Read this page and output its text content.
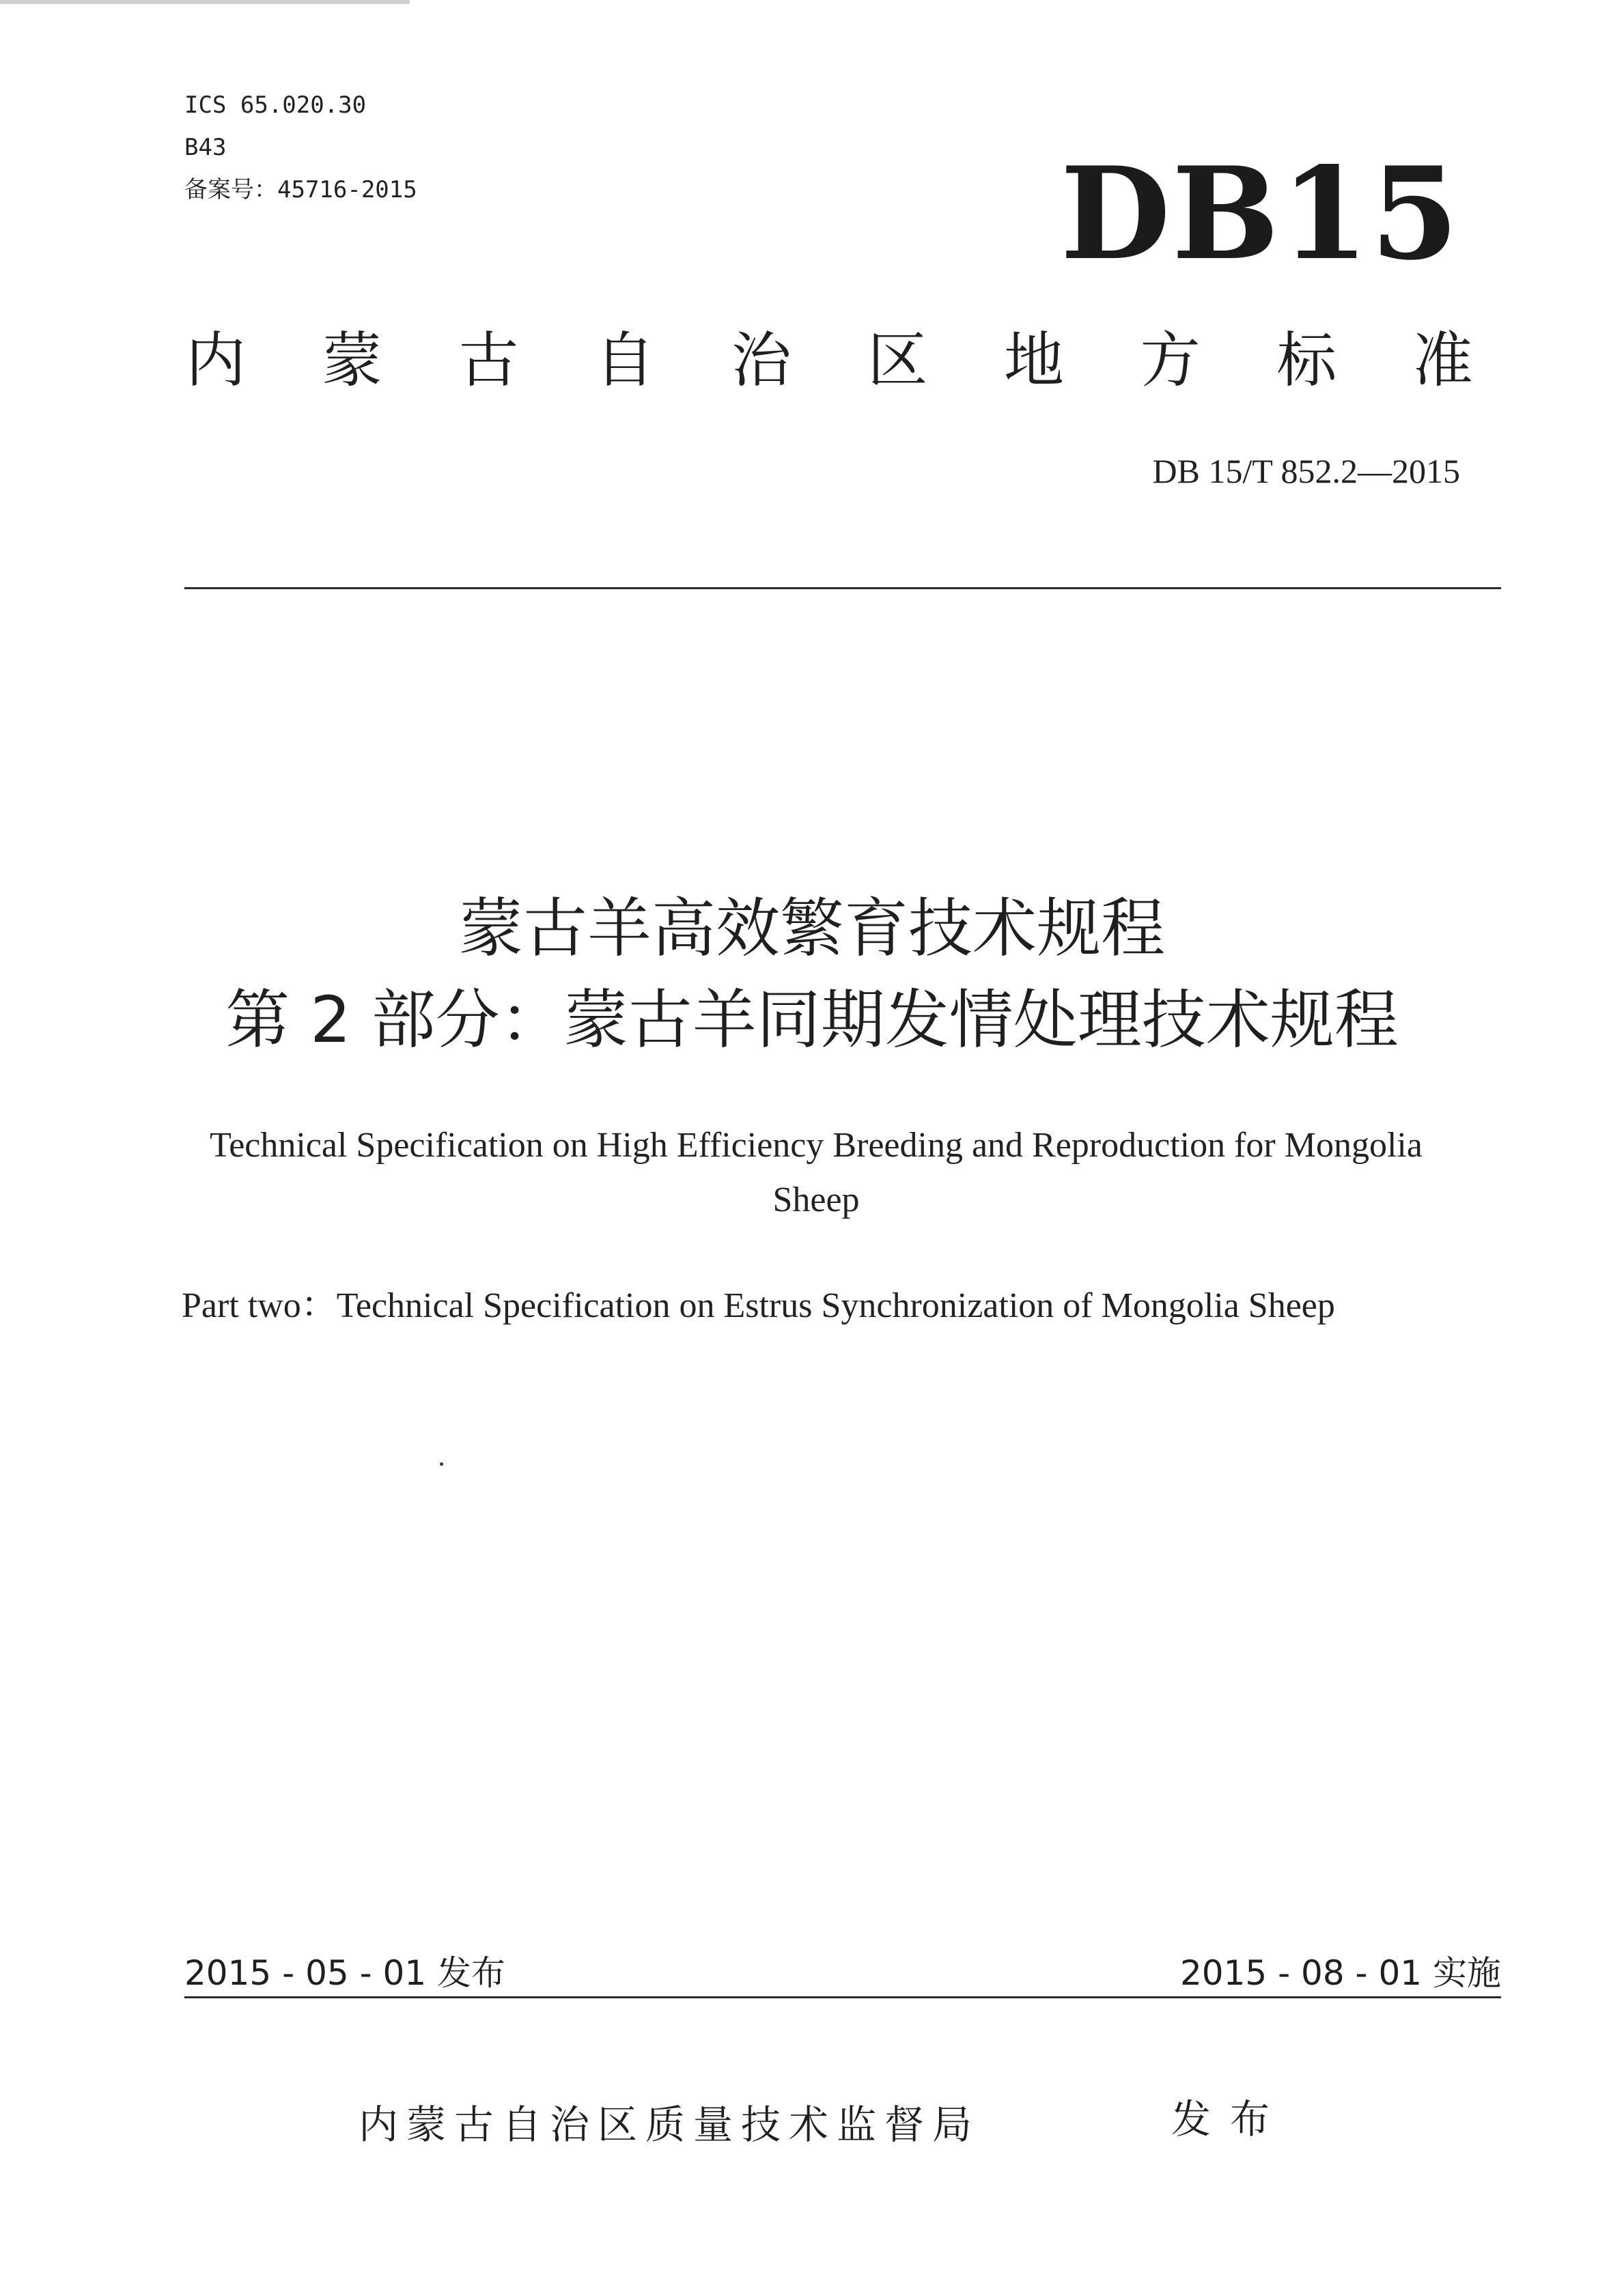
ICS 65.020.30
B43
备案号：45716-2015	DB15
内 蒙 古 自 治 区 地 方 标 准
DB 15/T 852.2—2015
蒙古羊高效繁育技术规程
第 2 部分：蒙古羊同期发情处理技术规程
Technical Specification on High Efficiency Breeding and Reproduction for Mongolia
Sheep
Part two：Technical Specification on Estrus Synchronization of Mongolia Sheep
2015 - 05 - 01 发布	2015 - 08 - 01 实施
内蒙古自治区质量技术监督局	发布
